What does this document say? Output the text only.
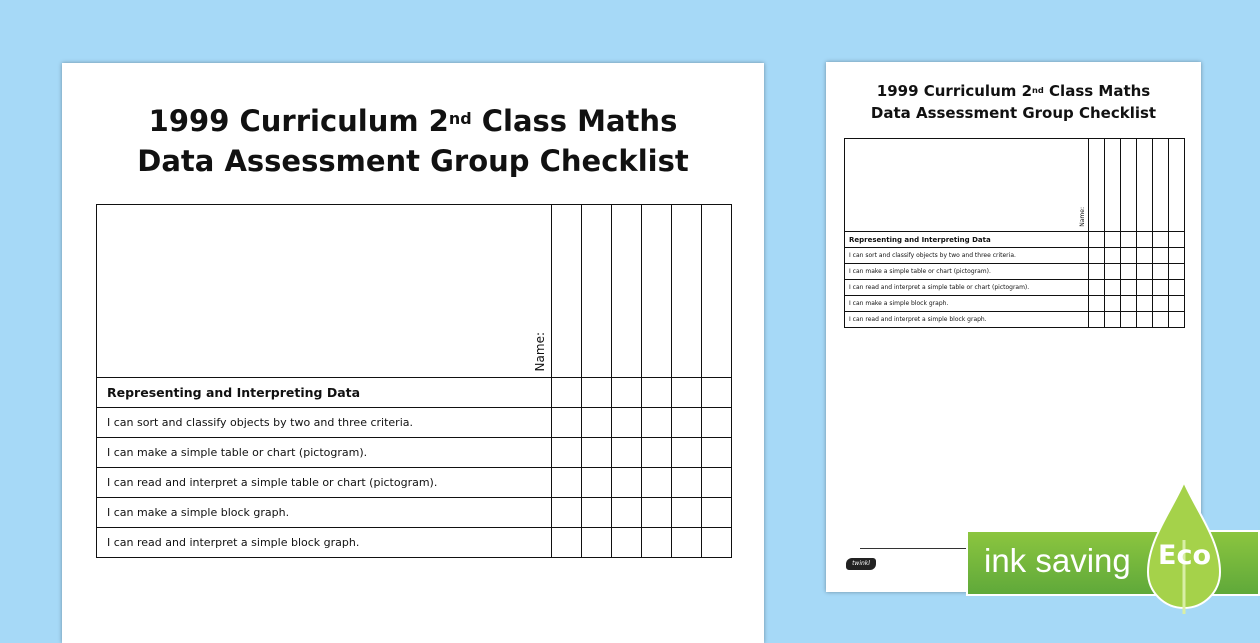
1999 Curriculum 2nd Class Maths
Data Assessment Group Checklist
Name:						

Representing and Interpreting Data						
I can sort and classify objects by two and three criteria.						
I can make a simple table or chart (pictogram).						
I can read and interpret a simple table or chart (pictogram).						
I can make a simple block graph.						
I can read and interpret a simple block graph.						
1999 Curriculum 2nd Class Maths
Data Assessment Group Checklist
Name:						

Representing and Interpreting Data						
I can sort and classify objects by two and three criteria.						
I can make a simple table or chart (pictogram).						
I can read and interpret a simple table or chart (pictogram).						
I can make a simple block graph.						
I can read and interpret a simple block graph.						
twinkl	ink saving Eco
